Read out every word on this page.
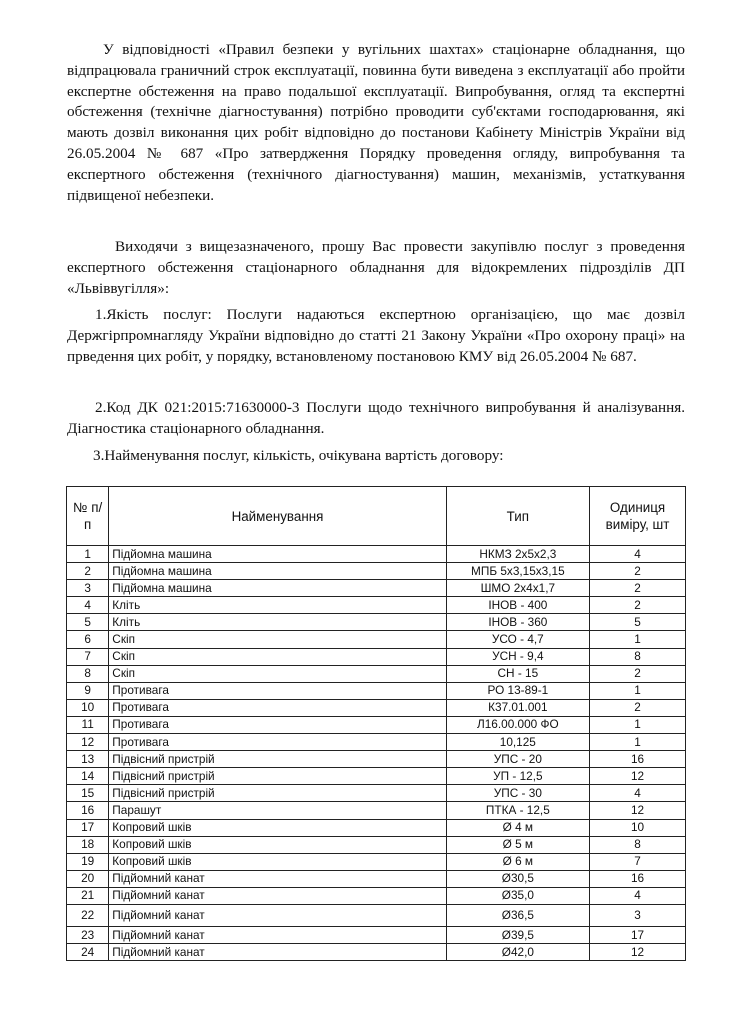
У відповідності «Правил безпеки у вугільних шахтах» стаціонарне обладнання, що відпрацювала граничний строк експлуатації, повинна бути виведена з експлуатації або пройти експертне обстеження на право подальшої експлуатації. Випробування, огляд та експертні обстеження (технічне діагностування) потрібно проводити суб'єктами господарювання, які мають дозвіл виконання цих робіт відповідно до постанови Кабінету Міністрів України від 26.05.2004 № 687 «Про затвердження Порядку проведення огляду, випробування та експертного обстеження (технічного діагностування) машин, механізмів, устаткування підвищеної небезпеки.

Виходячи з вищезазначеного, прошу Вас провести закупівлю послуг з проведення експертного обстеження стаціонарного обладнання для відокремлених підрозділів ДП «Львіввугілля»:

1.Якість послуг: Послуги надаються експертною організацією, що має дозвіл Держгірпромнагляду України відповідно до статті 21 Закону України «Про охорону праці» на прведення цих робіт, у порядку, встановленому постановою КМУ від 26.05.2004 № 687.

2.Код ДК 021:2015:71630000-3 Послуги щодо технічного випробування й аналізування. Діагностика стаціонарного обладнання.

3.Найменування послуг, кількість, очікувана вартість договору:

№ п/п	Найменування	Тип	Одиниця виміру, шт
1	Підйомна машина	НКМЗ 2х5х2,3	4
2	Підйомна машина	МПБ 5х3,15х3,15	2
3	Підйомна машина	ШМО 2х4х1,7	2
4	Кліть	ІНОВ - 400	2
5	Кліть	ІНОВ - 360	5
6	Скіп	УСО - 4,7	1
7	Скіп	УСН - 9,4	8
8	Скіп	СН - 15	2
9	Противага	РО 13-89-1	1
10	Противага	К37.01.001	2
11	Противага	Л16.00.000 ФО	1
12	Противага	10,125	1
13	Підвісний пристрій	УПС - 20	16
14	Підвісний пристрій	УП - 12,5	12
15	Підвісний пристрій	УПС - 30	4
16	Парашут	ПТКА - 12,5	12
17	Копровий шків	Ø 4 м	10
18	Копровий шків	Ø 5 м	8
19	Копровий шків	Ø 6 м	7
20	Підйомний канат	Ø30,5	16
21	Підйомний канат	Ø35,0	4
22	Підйомний канат	Ø36,5	3
23	Підйомний канат	Ø39,5	17
24	Підйомний канат	Ø42,0	12
